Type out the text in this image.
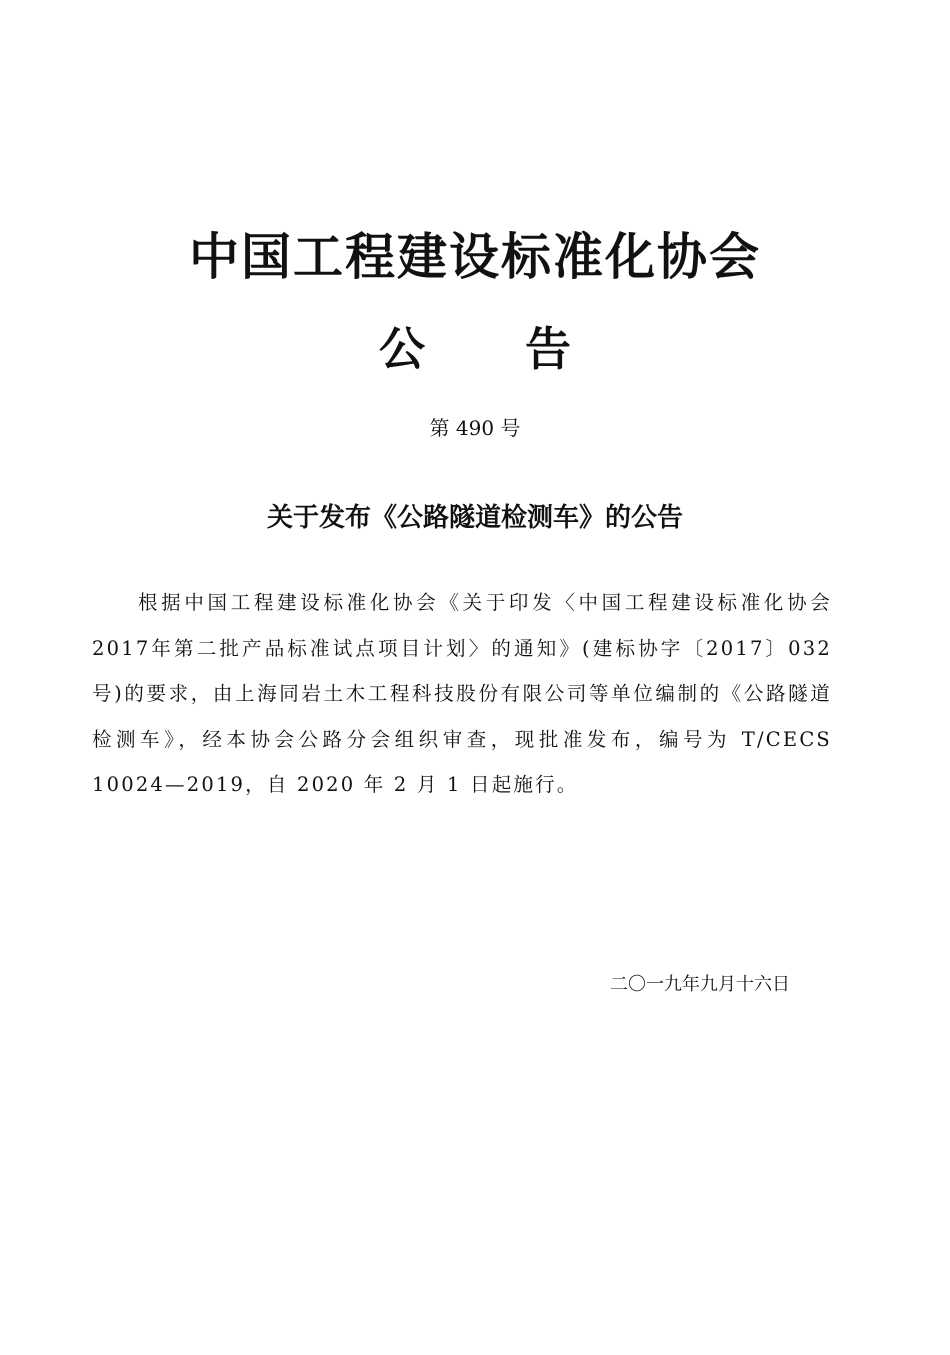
中国工程建设标准化协会
公告
第 490 号
关于发布《公路隧道检测车》的公告
根据中国工程建设标准化协会《关于印发〈中国工程建设标准化协会2017年第二批产品标准试点项目计划〉的通知》(建标协字〔2017〕032号)的要求，由上海同岩土木工程科技股份有限公司等单位编制的《公路隧道检测车》，经本协会公路分会组织审查，现批准发布，编号为 T/CECS 10024—2019，自 2020 年 2 月 1 日起施行。
二〇一九年九月十六日
